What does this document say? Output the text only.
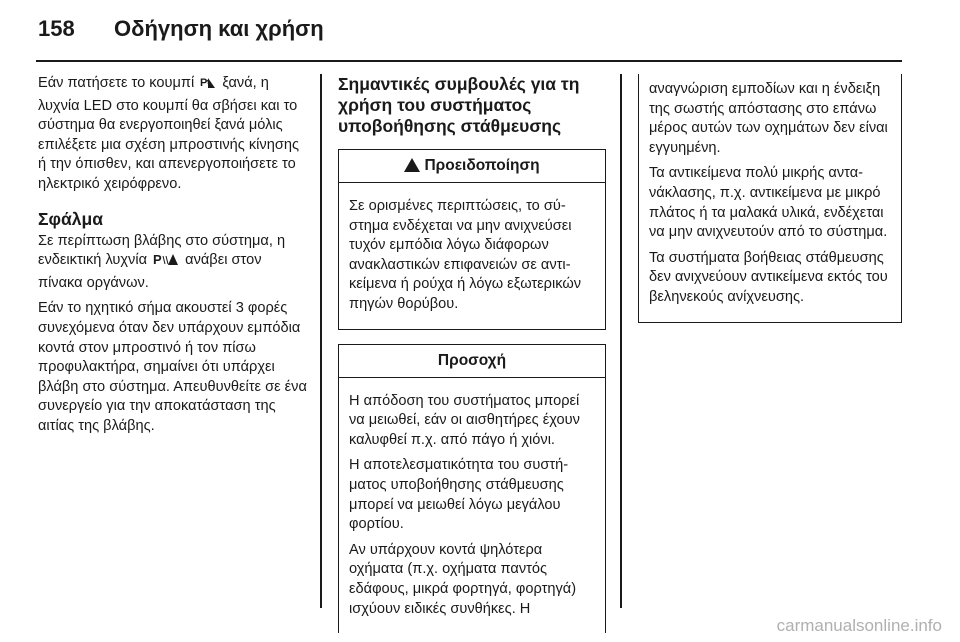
158 Οδήγηση και χρήση

Εάν πατήσετε το κουμπί P ξανά, η λυχνία LED στο κουμπί θα σβήσει και το σύστημα θα ενεργοποιηθεί ξανά μόλις επιλέξετε μια σχέση μπροστινής κίνησης ή την όπισθεν, και απενεργοποιήσετε το ηλεκτρικό χειρόφρενο.

Σφάλμα

Σε περίπτωση βλάβης στο σύστημα, η ενδεικτική λυχνία P ανάβει στον πίνακα οργάνων.

Εάν το ηχητικό σήμα ακουστεί 3 φορές συνεχόμενα όταν δεν υπάρχουν εμπόδια κοντά στον μπροστινό ή τον πίσω προφυλακτήρα, σημαίνει ότι υπάρχει βλάβη στο σύστημα. Απευθυνθείτε σε ένα συνεργείο για την αποκατάσταση της αιτίας της βλάβης.

Σημαντικές συμβουλές για τη χρήση του συστήματος υποβοήθησης στάθμευσης
Προειδοποίηση

Σε ορισμένες περιπτώσεις, το σύστημα ενδέχεται να μην ανιχνεύσει τυχόν εμπόδια λόγω διάφορων ανακλαστικών επιφανειών σε αντικείμενα ή ρούχα ή λόγω εξωτερικών πηγών θορύβου.

Προσοχή

Η απόδοση του συστήματος μπορεί να μειωθεί, εάν οι αισθητήρες έχουν καλυφθεί π.χ. από πάγο ή χιόνι.

Η αποτελεσματικότητα του συστήματος υποβοήθησης στάθμευσης μπορεί να μειωθεί λόγω μεγάλου φορτίου.

Αν υπάρχουν κοντά ψηλότερα οχήματα (π.χ. οχήματα παντός εδάφους, μικρά φορτηγά, φορτηγά) ισχύουν ειδικές συνθήκες. Η

αναγνώριση εμποδίων και η ένδειξη της σωστής απόστασης στο επάνω μέρος αυτών των οχημάτων δεν είναι εγγυημένη.

Τα αντικείμενα πολύ μικρής αντανάκλασης, π.χ. αντικείμενα με μικρό πλάτος ή τα μαλακά υλικά, ενδέχεται να μην ανιχνευτούν από το σύστημα.

Τα συστήματα βοήθειας στάθμευσης δεν ανιχνεύουν αντικείμενα εκτός του βεληνεκούς ανίχνευσης.

carmanualsonline.info
